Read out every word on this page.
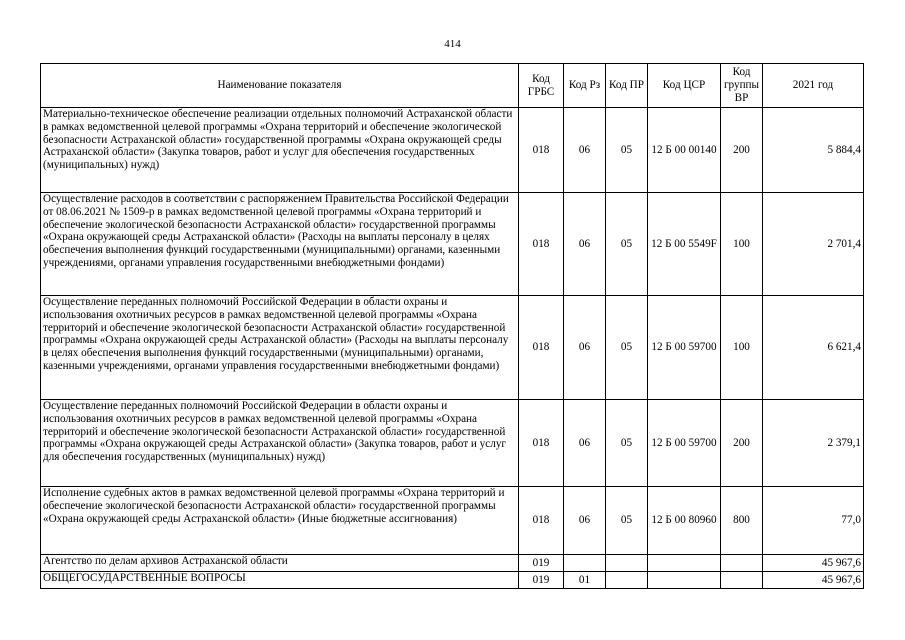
414
Наименование показателя	Код ГРБС	Код Рз	Код ПР	Код ЦСР	Код группы ВР	2021 год
Материально-техническое обеспечение реализации отдельных полномочий Астраханской области в рамках ведомственной целевой программы «Охрана территорий и обеспечение экологической безопасности Астраханской области» государственной программы «Охрана окружающей среды Астраханской области» (Закупка товаров, работ и услуг для обеспечения государственных (муниципальных) нужд)	018	06	05	12 Б 00 00140	200	5 884,4
Осуществление расходов в соответствии с распоряжением Правительства Российской Федерации от 08.06.2021 № 1509-р в рамках ведомственной целевой программы «Охрана территорий и обеспечение экологической безопасности Астраханской области» государственной программы «Охрана окружающей среды Астраханской области» (Расходы на выплаты персоналу в целях обеспечения выполнения функций государственными (муниципальными) органами, казенными учреждениями, органами управления государственными внебюджетными фондами)	018	06	05	12 Б 00 5549F	100	2 701,4
Осуществление переданных полномочий Российской Федерации в области охраны и использования охотничьих ресурсов в рамках ведомственной целевой программы «Охрана территорий и обеспечение экологической безопасности Астраханской области» государственной программы «Охрана окружающей среды Астраханской области» (Расходы на выплаты персоналу в целях обеспечения выполнения функций государственными (муниципальными) органами, казенными учреждениями, органами управления государственными внебюджетными фондами)	018	06	05	12 Б 00 59700	100	6 621,4
Осуществление переданных полномочий Российской Федерации в области охраны и использования охотничьих ресурсов в рамках ведомственной целевой программы «Охрана территорий и обеспечение экологической безопасности Астраханской области» государственной программы «Охрана окружающей среды Астраханской области» (Закупка товаров, работ и услуг для обеспечения государственных (муниципальных) нужд)	018	06	05	12 Б 00 59700	200	2 379,1
Исполнение судебных актов в рамках ведомственной целевой программы «Охрана территорий и обеспечение экологической безопасности Астраханской области» государственной программы «Охрана окружающей среды Астраханской области» (Иные бюджетные ассигнования)	018	06	05	12 Б 00 80960	800	77,0
Агентство по делам архивов Астраханской области	019					45 967,6
ОБЩЕГОСУДАРСТВЕННЫЕ ВОПРОСЫ	019	01				45 967,6
